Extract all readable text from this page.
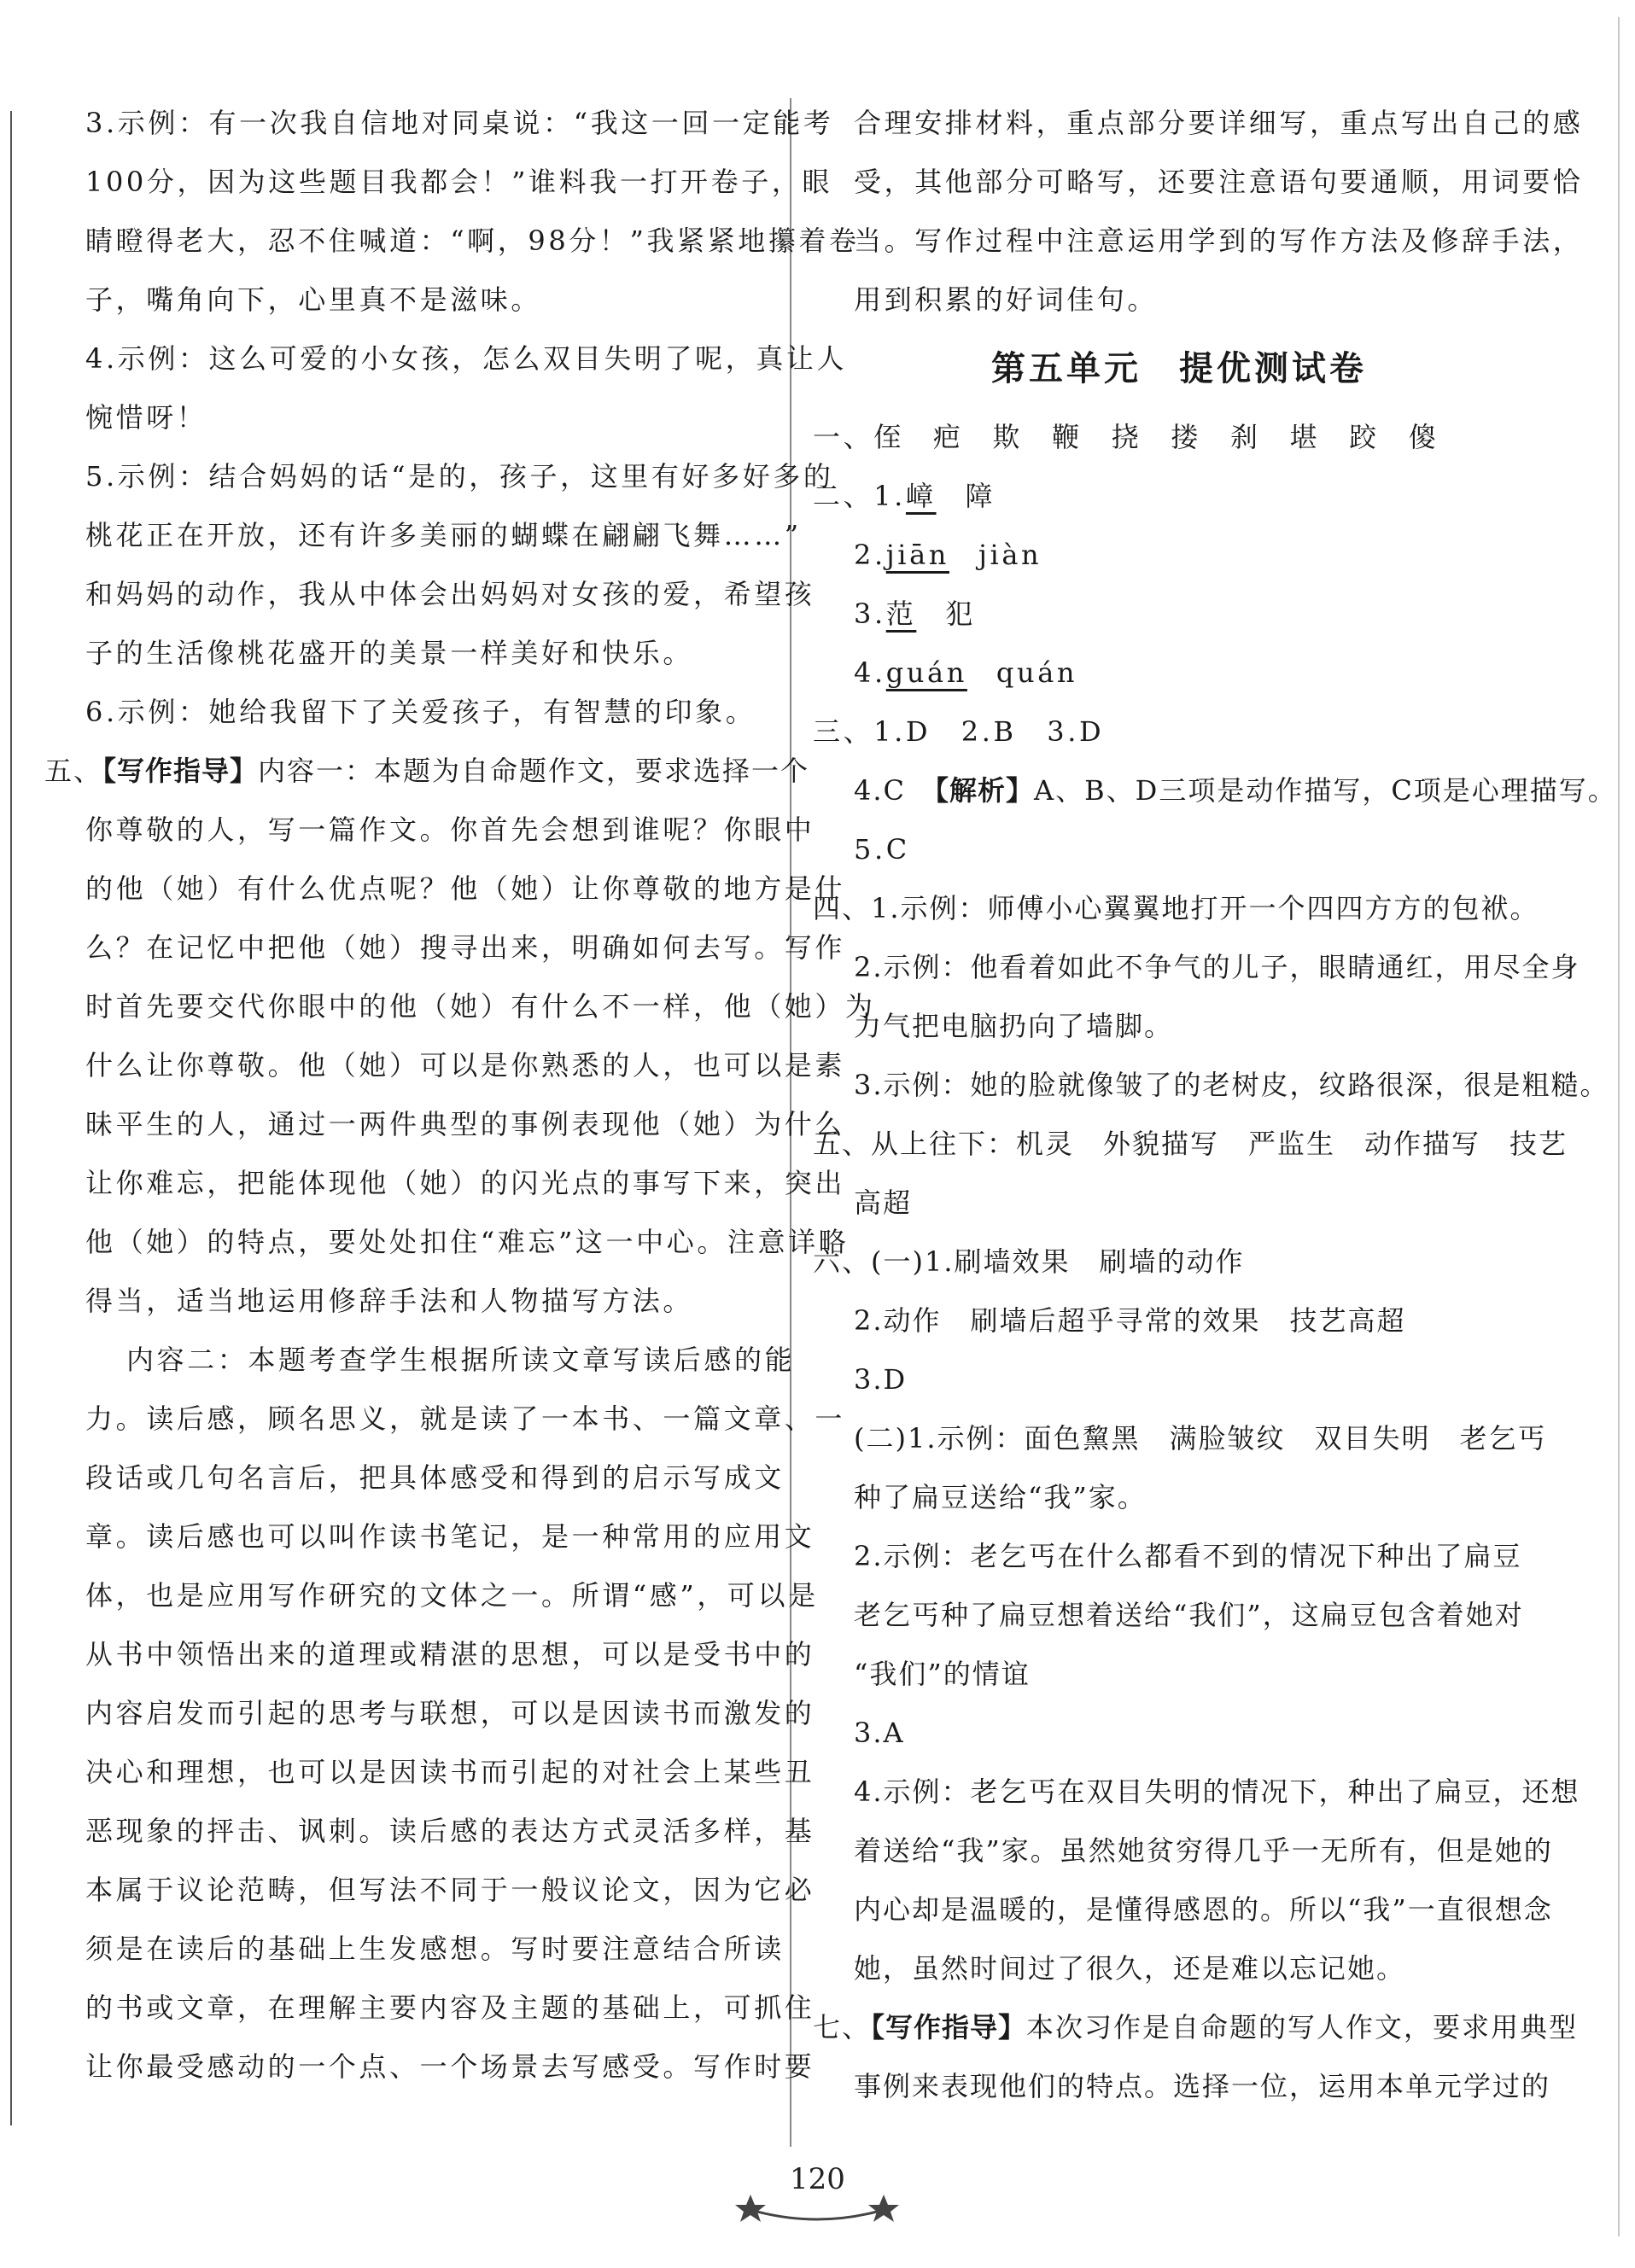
3.示例：有一次我自信地对同桌说：“我这一回一定能考
100分，因为这些题目我都会！”谁料我一打开卷子，眼
睛瞪得老大，忍不住喊道：“啊，98分！”我紧紧地攥着卷
子，嘴角向下，心里真不是滋味。
4.示例：这么可爱的小女孩，怎么双目失明了呢，真让人
惋惜呀！
5.示例：结合妈妈的话“是的，孩子，这里有好多好多的
桃花正在开放，还有许多美丽的蝴蝶在翩翩飞舞……”
和妈妈的动作，我从中体会出妈妈对女孩的爱，希望孩
子的生活像桃花盛开的美景一样美好和快乐。
6.示例：她给我留下了关爱孩子，有智慧的印象。
五、【写作指导】内容一：本题为自命题作文，要求选择一个
你尊敬的人，写一篇作文。你首先会想到谁呢？你眼中
的他（她）有什么优点呢？他（她）让你尊敬的地方是什
么？在记忆中把他（她）搜寻出来，明确如何去写。写作
时首先要交代你眼中的他（她）有什么不一样，他（她）为
什么让你尊敬。他（她）可以是你熟悉的人，也可以是素
昧平生的人，通过一两件典型的事例表现他（她）为什么
让你难忘，把能体现他（她）的闪光点的事写下来，突出
他（她）的特点，要处处扣住“难忘”这一中心。注意详略
得当，适当地运用修辞手法和人物描写方法。
内容二：本题考查学生根据所读文章写读后感的能
力。读后感，顾名思义，就是读了一本书、一篇文章、一
段话或几句名言后，把具体感受和得到的启示写成文
章。读后感也可以叫作读书笔记，是一种常用的应用文
体，也是应用写作研究的文体之一。所谓“感”，可以是
从书中领悟出来的道理或精湛的思想，可以是受书中的
内容启发而引起的思考与联想，可以是因读书而激发的
决心和理想，也可以是因读书而引起的对社会上某些丑
恶现象的抨击、讽刺。读后感的表达方式灵活多样，基
本属于议论范畴，但写法不同于一般议论文，因为它必
须是在读后的基础上生发感想。写时要注意结合所读
的书或文章，在理解主要内容及主题的基础上，可抓住
让你最受感动的一个点、一个场景去写感受。写作时要
合理安排材料，重点部分要详细写，重点写出自己的感
受，其他部分可略写，还要注意语句要通顺，用词要恰
当。写作过程中注意运用学到的写作方法及修辞手法，
用到积累的好词佳句。
第五单元 提优测试卷
一、侄 疤 欺 鞭 挠 搂 刹 堪 跤 傻
二、1.嶂 障
2.jiān jiàn
3.范 犯
4.guán quán
三、1.D　2.B　3.D
4.C 【解析】A、B、D三项是动作描写，C项是心理描写。
5.C
四、1.示例：师傅小心翼翼地打开一个四四方方的包袱。
2.示例：他看着如此不争气的儿子，眼睛通红，用尽全身
力气把电脑扔向了墙脚。
3.示例：她的脸就像皱了的老树皮，纹路很深，很是粗糙。
五、从上往下：机灵　外貌描写　严监生　动作描写　技艺
高超
六、(一)1.刷墙效果　刷墙的动作
2.动作　刷墙后超乎寻常的效果　技艺高超
3.D
(二)1.示例：面色黧黑　满脸皱纹　双目失明　老乞丐
种了扁豆送给“我”家。
2.示例：老乞丐在什么都看不到的情况下种出了扁豆
老乞丐种了扁豆想着送给“我们”，这扁豆包含着她对
“我们”的情谊
3.A
4.示例：老乞丐在双目失明的情况下，种出了扁豆，还想
着送给“我”家。虽然她贫穷得几乎一无所有，但是她的
内心却是温暖的，是懂得感恩的。所以“我”一直很想念
她，虽然时间过了很久，还是难以忘记她。
七、【写作指导】本次习作是自命题的写人作文，要求用典型
事例来表现他们的特点。选择一位，运用本单元学过的
120
